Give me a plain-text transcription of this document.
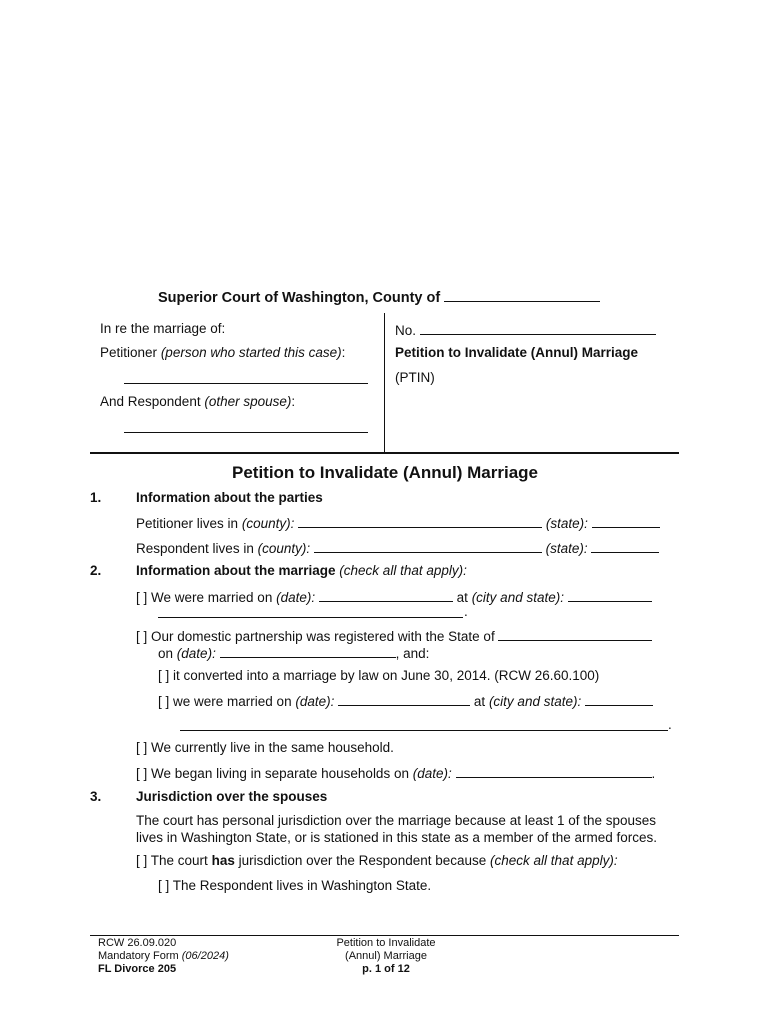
Superior Court of Washington, County of
In re the marriage of:
Petitioner (person who started this case):
And Respondent (other spouse):
No.
Petition to Invalidate (Annul) Marriage
(PTIN)
Petition to Invalidate (Annul) Marriage
1.	Information about the parties
Petitioner lives in (county):	(state):
Respondent lives in (county):	(state):
2.	Information about the marriage (check all that apply):
[ ] We were married on (date):	at (city and state):
.
[ ] Our domestic partnership was registered with the State of
on (date):	, and:
[ ] it converted into a marriage by law on June 30, 2014. (RCW 26.60.100)
[ ] we were married on (date):	at (city and state):
.
[ ] We currently live in the same household.
[ ] We began living in separate households on (date):	.
3.	Jurisdiction over the spouses
The court has personal jurisdiction over the marriage because at least 1 of the spouses
lives in Washington State, or is stationed in this state as a member of the armed forces.
[ ] The court has jurisdiction over the Respondent because (check all that apply):
[ ] The Respondent lives in Washington State.
RCW 26.09.020
Mandatory Form (06/2024)
FL Divorce 205
Petition to Invalidate
(Annul) Marriage
p. 1 of 12
